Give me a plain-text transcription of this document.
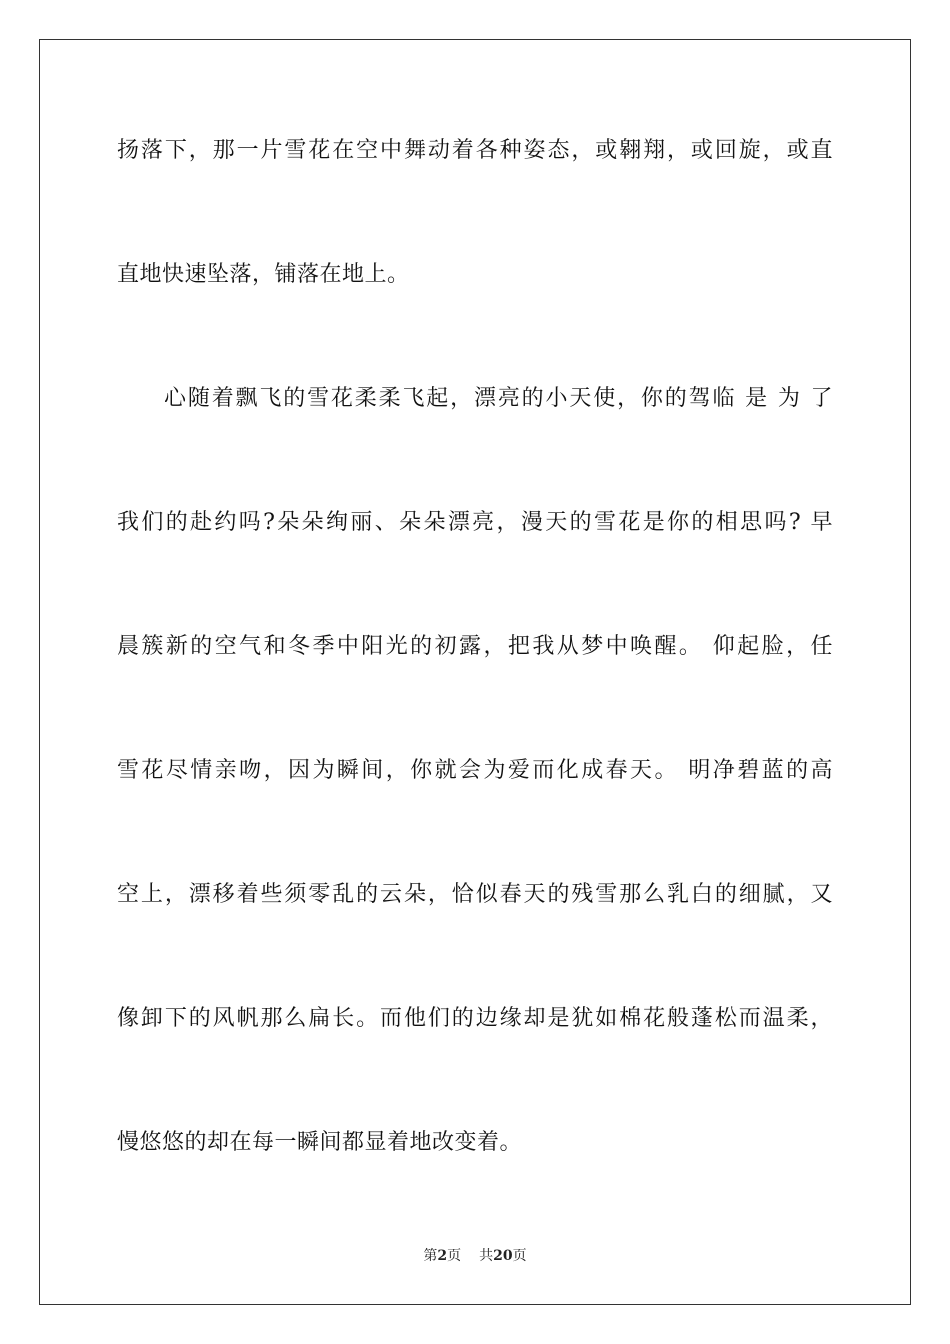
扬落下，那一片雪花在空中舞动着各种姿态，或翱翔，或回旋，或直
直地快速坠落，铺落在地上。
心随着飘飞的雪花柔柔飞起，漂亮的小天使，你的驾临 是 为 了
我们的赴约吗?朵朵绚丽、朵朵漂亮，漫天的雪花是你的相思吗? 早
晨簇新的空气和冬季中阳光的初露，把我从梦中唤醒。 仰起脸，任
雪花尽情亲吻，因为瞬间，你就会为爱而化成春天。 明净碧蓝的高
空上，漂移着些须零乱的云朵，恰似春天的残雪那么乳白的细腻，又
像卸下的风帆那么扁长。而他们的边缘却是犹如棉花般蓬松而温柔，
慢悠悠的却在每一瞬间都显着地改变着。
第2页 共20页
